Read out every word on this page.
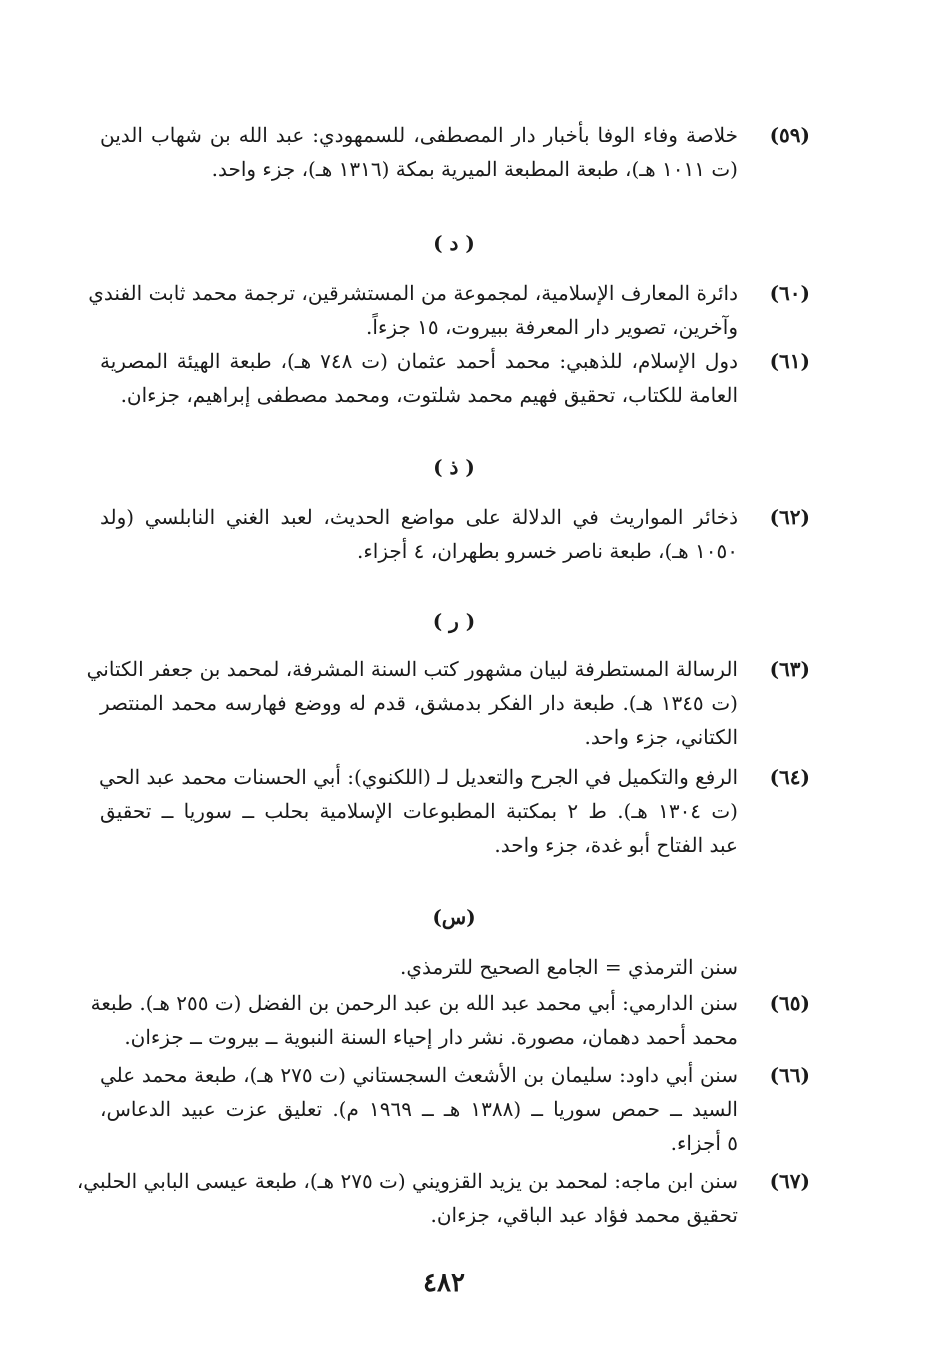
(٥٩)
خلاصة وفاء الوفا بأخبار دار المصطفى، للسمهودي: عبد الله بن شهاب الدين
(ت ١٠١١ هـ)، طبعة المطبعة الميرية بمكة (١٣١٦ هـ)، جزء واحد.
( د )
(٦٠)
دائرة المعارف الإسلامية، لمجموعة من المستشرقين، ترجمة محمد ثابت الفندي
وآخرين، تصوير دار المعرفة ببيروت، ١٥ جزءاً.
(٦١)
دول الإسلام، للذهبي: محمد أحمد عثمان (ت ٧٤٨ هـ)، طبعة الهيئة المصرية
العامة للكتاب، تحقيق فهيم محمد شلتوت، ومحمد مصطفى إبراهيم، جزءان.
( ذ )
(٦٢)
ذخائر المواريث في الدلالة على مواضع الحديث، لعبد الغني النابلسي (ولد
١٠٥٠ هـ)، طبعة ناصر خسرو بطهران، ٤ أجزاء.
( ر )
(٦٣)
الرسالة المستطرفة لبيان مشهور كتب السنة المشرفة، لمحمد بن جعفر الكتاني
(ت ١٣٤٥ هـ). طبعة دار الفكر بدمشق، قدم له ووضع فهارسه محمد المنتصر
الكتاني، جزء واحد.
(٦٤)
الرفع والتكميل في الجرح والتعديل لـ (اللكنوي): أبي الحسنات محمد عبد الحي
(ت ١٣٠٤ هـ). ط ٢ بمكتبة المطبوعات الإسلامية بحلب ــ سوريا ــ تحقيق
عبد الفتاح أبو غدة، جزء واحد.
(س)
سنن الترمذي = الجامع الصحيح للترمذي.
(٦٥)
سنن الدارمي: أبي محمد عبد الله بن عبد الرحمن بن الفضل (ت ٢٥٥ هـ). طبعة
محمد أحمد دهمان، مصورة. نشر دار إحياء السنة النبوية ــ بيروت ــ جزءان.
(٦٦)
سنن أبي داود: سليمان بن الأشعث السجستاني (ت ٢٧٥ هـ)، طبعة محمد علي
السيد ــ حمص سوريا ــ (١٣٨٨ هـ ــ ١٩٦٩ م). تعليق عزت عبيد الدعاس،
٥ أجزاء.
(٦٧)
سنن ابن ماجه: لمحمد بن يزيد القزويني (ت ٢٧٥ هـ)، طبعة عيسى البابي الحلبي،
تحقيق محمد فؤاد عبد الباقي، جزءان.
٤٨٢
